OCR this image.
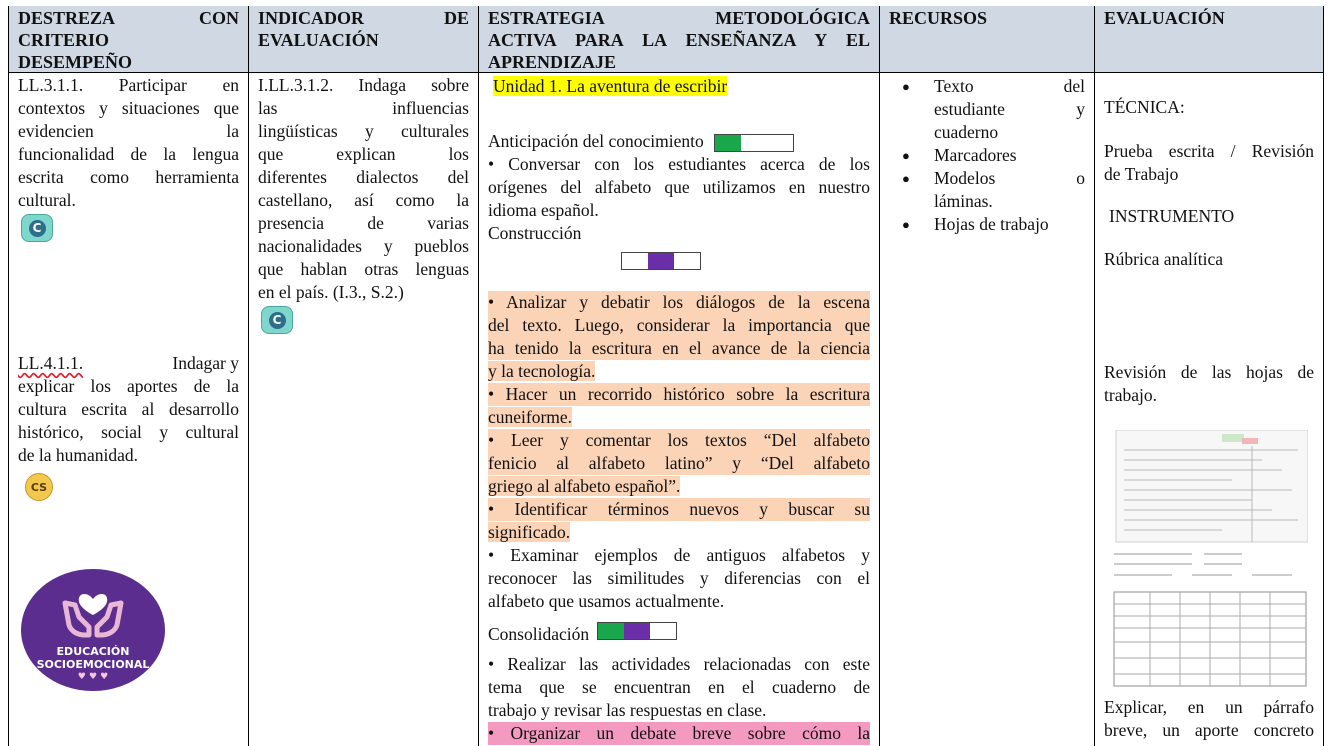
DESTREZA CON
CRITERIO
DESEMPEÑO
LL.3.1.1. Participar en
contextos y situaciones que
evidencien la
funcionalidad de la lengua
escrita como herramienta
cultural.
C
LL.4.1.1.	Indagar y
explicar los aportes de la
cultura escrita al desarrollo
histórico, social y cultural
de la humanidad.
CS
EDUCACIÓN
SOCIOEMOCIONAL
♥ ♥ ♥
INDICADOR DE
EVALUACIÓN
I.LL.3.1.2. Indaga sobre
las influencias
lingüísticas y culturales
que explican los
diferentes dialectos del
castellano, así como la
presencia de varias
nacionalidades y pueblos
que hablan otras lenguas
en el país. (I.3., S.2.)
C
ESTRATEGIA METODOLÓGICA
ACTIVA PARA LA ENSEÑANZA Y EL
APRENDIZAJE
Unidad 1. La aventura de escribir
Anticipación del conocimiento
• Conversar con los estudiantes acerca de los
orígenes del alfabeto que utilizamos en nuestro
idioma español.
Construcción
• Analizar y debatir los diálogos de la escena
del texto. Luego, considerar la importancia que
ha tenido la escritura en el avance de la ciencia
y la tecnología.
• Hacer un recorrido histórico sobre la escritura
cuneiforme.
• Leer y comentar los textos “Del alfabeto
fenicio al alfabeto latino” y “Del alfabeto
griego al alfabeto español”.
• Identificar términos nuevos y buscar su
significado.
• Examinar ejemplos de antiguos alfabetos y
reconocer las similitudes y diferencias con el
alfabeto que usamos actualmente.
Consolidación
• Realizar las actividades relacionadas con este
tema que se encuentran en el cuaderno de
trabajo y revisar las respuestas en clase.
• Organizar un debate breve sobre cómo la
RECURSOS
● Texto del
estudiante y
cuaderno
● Marcadores
● Modelos o
láminas.
● Hojas de trabajo
EVALUACIÓN
TÉCNICA:
Prueba escrita / Revisión
de Trabajo
INSTRUMENTO
Rúbrica analítica
Revisión de las hojas de
trabajo.
Explicar, en un párrafo
breve, un aporte concreto
